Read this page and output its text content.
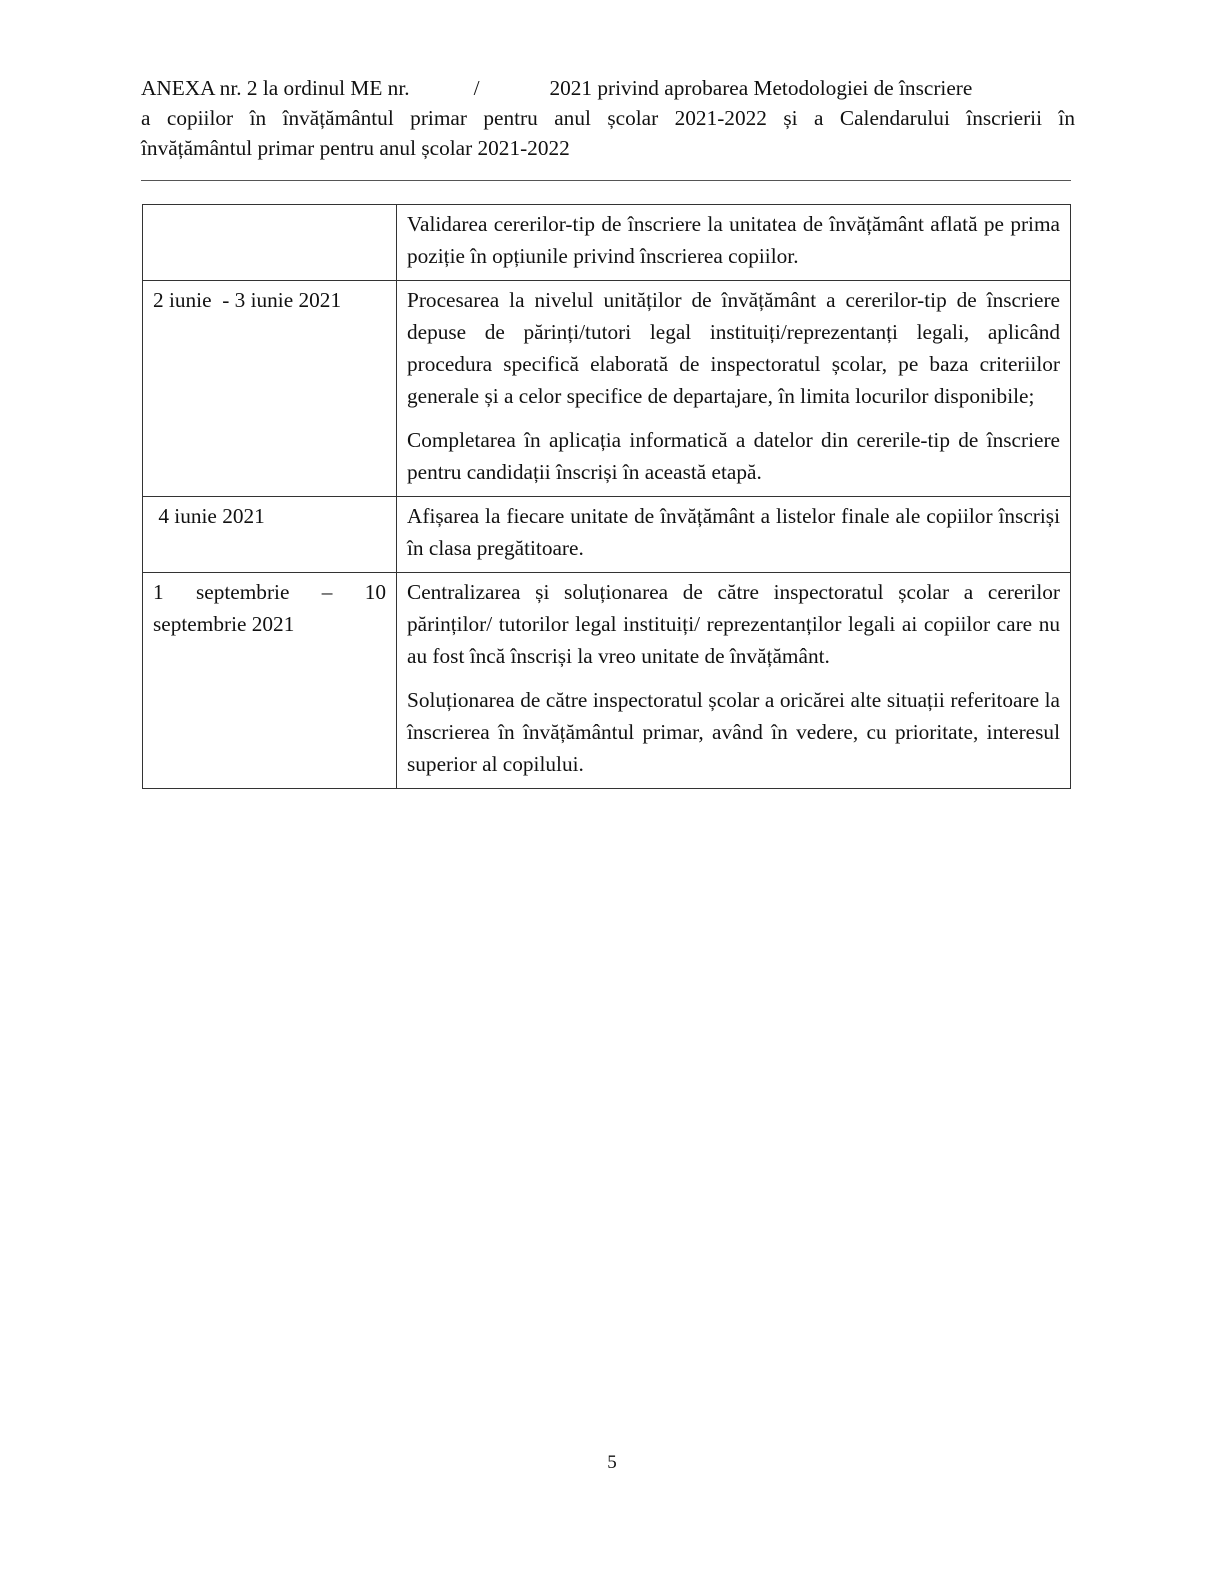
ANEXA nr. 2 la ordinul ME nr.	/	2021 privind aprobarea Metodologiei de înscriere
a copiilor în învățământul primar pentru anul școlar 2021-2022 și a Calendarului înscrierii în
învățământul primar pentru anul școlar 2021-2022

	Validarea cererilor-tip de înscriere la unitatea de învățământ aflată pe prima poziție în opțiunile privind înscrierea copiilor.

2 iunie  - 3 iunie 2021	Procesarea la nivelul unităților de învățământ a cererilor-tip de înscriere depuse de părinți/tutori legal instituiți/reprezentanți legali, aplicând procedura specifică elaborată de inspectoratul școlar, pe baza criteriilor generale și a celor specifice de departajare, în limita locurilor disponibile;

Completarea în aplicația informatică a datelor din cererile-tip de înscriere pentru candidații înscriși în această etapă.

4 iunie 2021	Afișarea la fiecare unitate de învățământ a listelor finale ale copiilor înscriși în clasa pregătitoare.

1 septembrie – 10 septembrie 2021	Centralizarea și soluționarea de către inspectoratul școlar a cererilor părinților/ tutorilor legal instituiți/ reprezentanților legali ai copiilor care nu au fost încă înscriși la vreo unitate de învățământ.

Soluționarea de către inspectoratul școlar a oricărei alte situații referitoare la înscrierea în învățământul primar, având în vedere, cu prioritate, interesul superior al copilului.

5
